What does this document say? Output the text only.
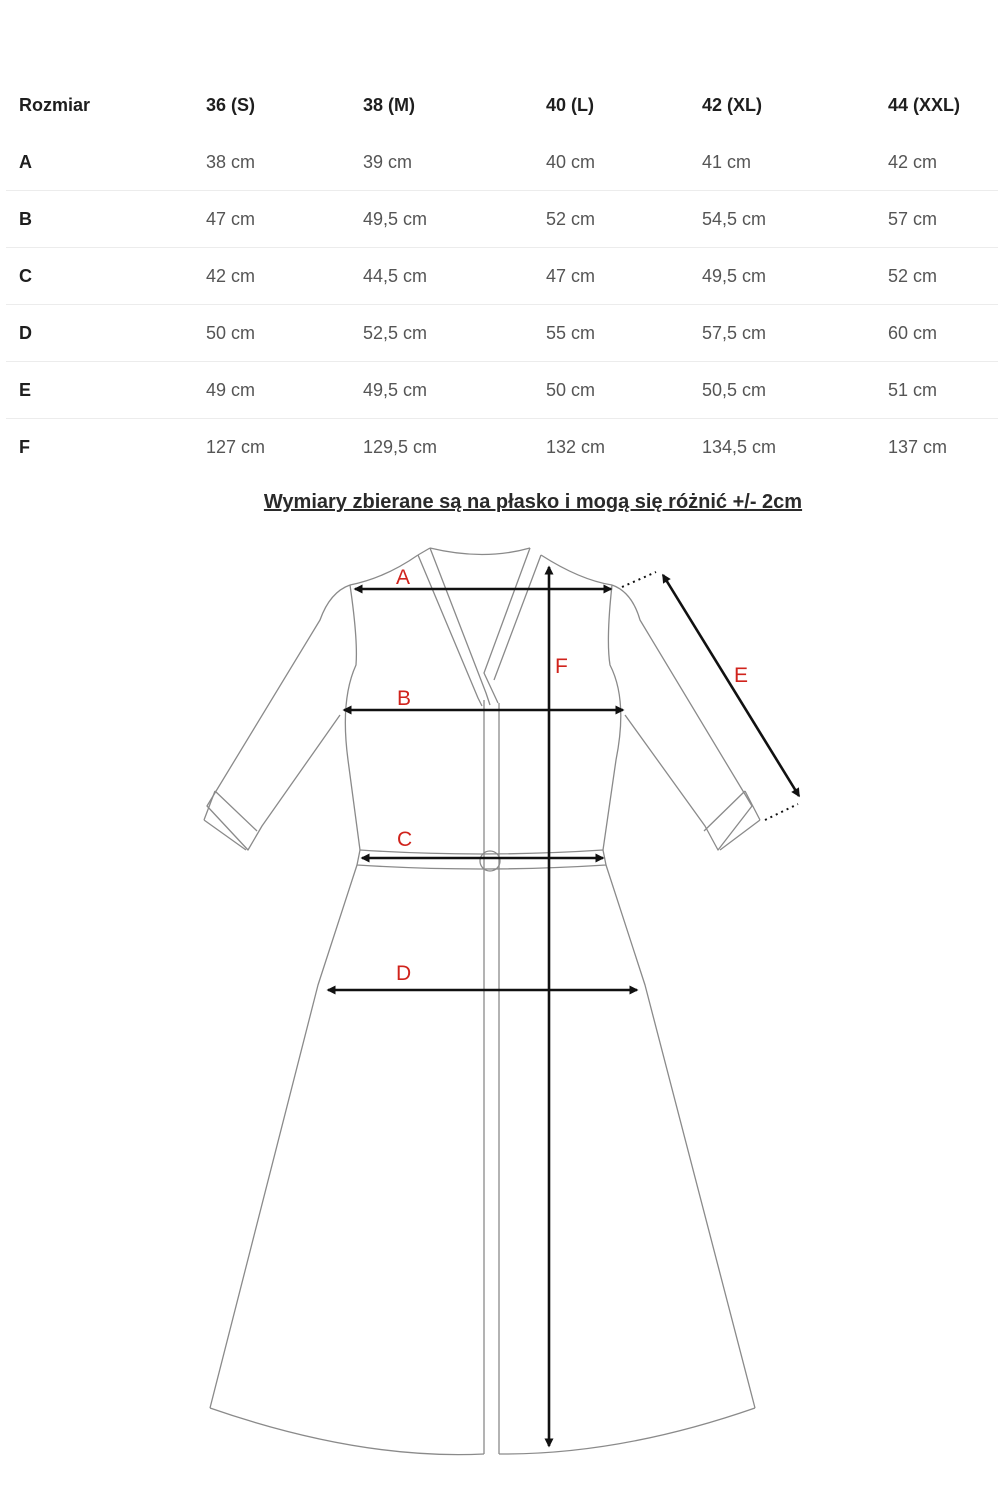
Rozmiar	36 (S)	38 (M)	40 (L)	42 (XL)	44 (XXL)
A	38 cm	39 cm	40 cm	41 cm	42 cm
B	47 cm	49,5 cm	52 cm	54,5 cm	57 cm
C	42 cm	44,5 cm	47 cm	49,5 cm	52 cm
D	50 cm	52,5 cm	55 cm	57,5 cm	60 cm
E	49 cm	49,5 cm	50 cm	50,5 cm	51 cm
F	127 cm	129,5 cm	132 cm	134,5 cm	137 cm
Wymiary zbierane są na płasko i mogą się różnić +/- 2cm
A
B
C
D
E
F
